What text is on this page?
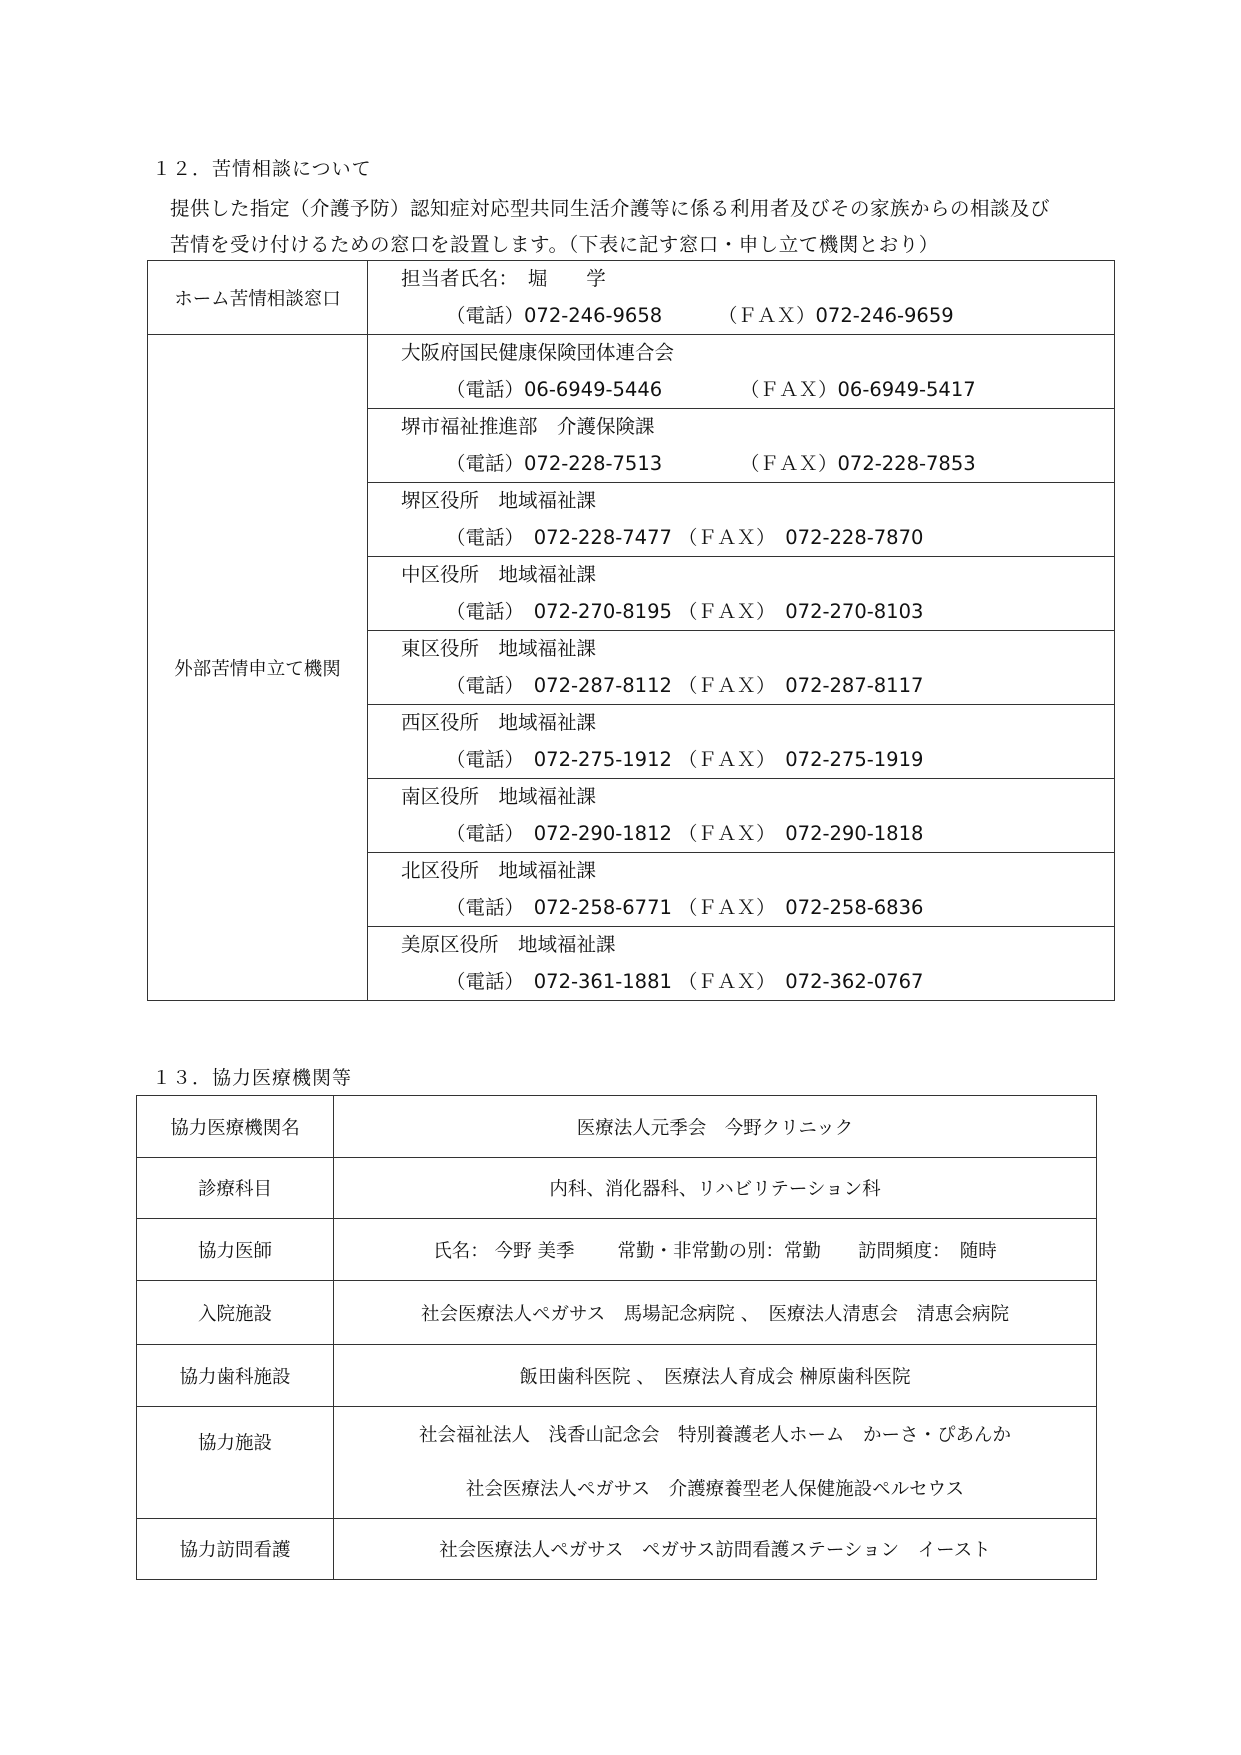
１２．苦情相談について
提供した指定（介護予防）認知症対応型共同生活介護等に係る利用者及びその家族からの相談及び
苦情を受け付けるための窓口を設置します。（下表に記す窓口・申し立て機関とおり）
ホーム苦情相談窓口	担当者氏名：　堀　　学
（電話）072-246-9658 （ＦＡＸ）072-246-9659

外部苦情申立て機関	大阪府国民健康保険団体連合会
（電話）06-6949-5446 （ＦＡＸ）06-6949-5417

	堺市福祉推進部　介護保険課
（電話）072-228-7513 （ＦＡＸ）072-228-7853

	堺区役所　地域福祉課
（電話）　072-228-7477 （ＦＡＸ）　072-228-7870

	中区役所　地域福祉課
（電話）　072-270-8195 （ＦＡＸ）　072-270-8103

	東区役所　地域福祉課
（電話）　072-287-8112 （ＦＡＸ）　072-287-8117

	西区役所　地域福祉課
（電話）　072-275-1912 （ＦＡＸ）　072-275-1919

	南区役所　地域福祉課
（電話）　072-290-1812 （ＦＡＸ）　072-290-1818

	北区役所　地域福祉課
（電話）　072-258-6771 （ＦＡＸ）　072-258-6836

	美原区役所　地域福祉課
（電話）　072-361-1881 （ＦＡＸ）　072-362-0767
１３．協力医療機関等
協力医療機関名	医療法人元季会　今野クリニック
診療科目	内科、消化器科、リハビリテーション科
協力医師	氏名： 今野 美季　　 常勤・非常勤の別：常勤　　訪問頻度：　随時
入院施設	社会医療法人ペガサス　馬場記念病院 、　医療法人清恵会　清恵会病院
協力歯科施設	飯田歯科医院 、　医療法人育成会 榊原歯科医院
協力施設	社会福祉法人　浅香山記念会　特別養護老人ホーム　かーさ・ぴあんか
社会医療法人ペガサス　介護療養型老人保健施設ペルセウス

協力訪問看護	社会医療法人ペガサス　ペガサス訪問看護ステーション　イースト
